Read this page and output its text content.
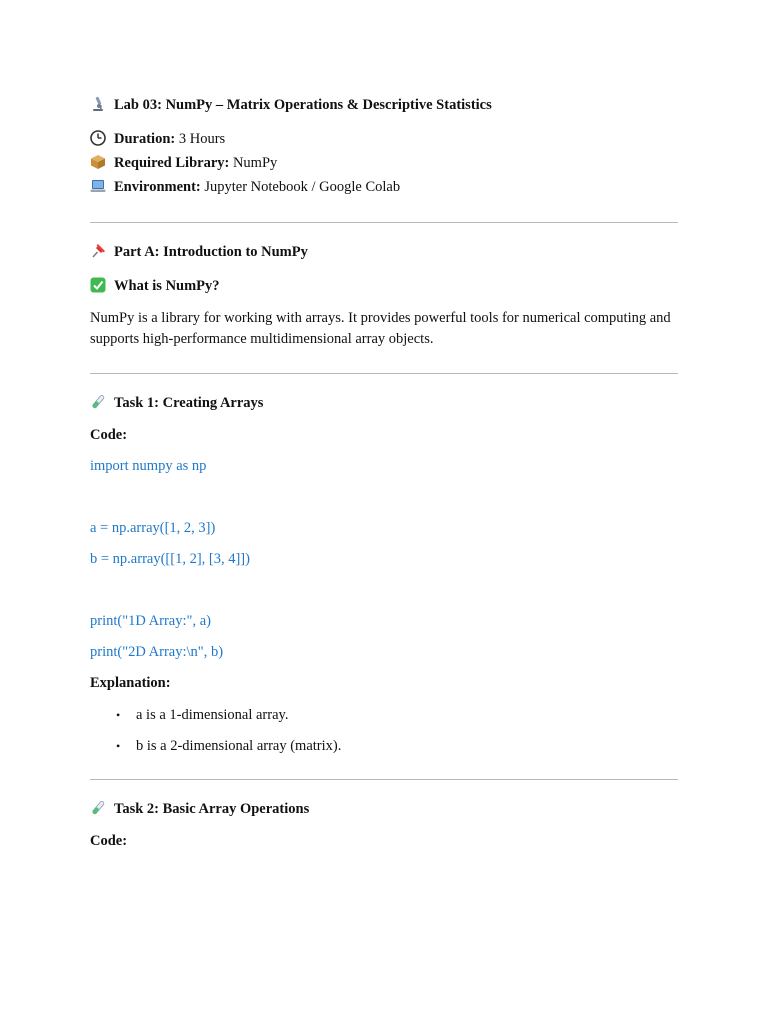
Lab 03: NumPy – Matrix Operations & Descriptive Statistics
Duration: 3 Hours
Required Library: NumPy
Environment: Jupyter Notebook / Google Colab
Part A: Introduction to NumPy
What is NumPy?
NumPy is a library for working with arrays. It provides powerful tools for numerical computing and supports high-performance multidimensional array objects.
Task 1: Creating Arrays
Code:
import numpy as np
a = np.array([1, 2, 3])
b = np.array([[1, 2], [3, 4]])
print("1D Array:", a)
print("2D Array:\n", b)
Explanation:
• a is a 1-dimensional array.
• b is a 2-dimensional array (matrix).
Task 2: Basic Array Operations
Code:
